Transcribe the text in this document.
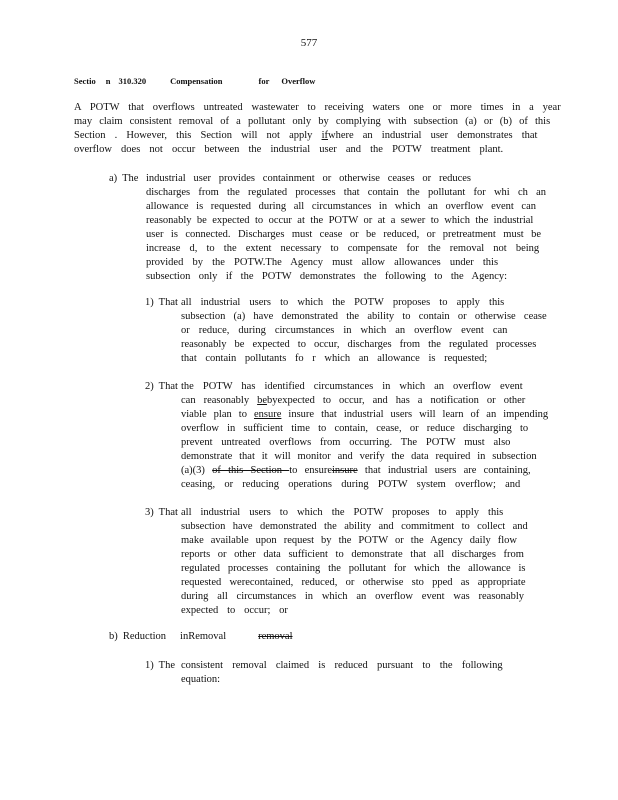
577
Sectio n 310.320	Compensation	for Overflow
A POTW that overflows untreated wastewater to receiving waters one or more times in a year
may claim consistent removal of a pollutant only by complying with subsection (a) or (b) of this
Section . However, this Section will not apply ifwhere an industrial user demonstrates that
overflow does not occur between the industrial user and the POTW treatment plant.
a) The industrial user provides containment or otherwise ceases or reduces
discharges from the regulated processes that contain the pollutant for whi ch an
allowance is requested during all circumstances in which an overflow event can
reasonably be expected to occur at the POTW or at a sewer to which the industrial
user is connected. Discharges must cease or be reduced, or pretreatment must be
increase d, to the extent necessary to compensate for the removal not being
provided by the POTW.The Agency must allow allowances under this
subsection only if the POTW demonstrates the following to the Agency:
1) That all industrial users to which the POTW proposes to apply this
subsection (a) have demonstrated the ability to contain or otherwise cease
or reduce, during circumstances in which an overflow event can
reasonably be expected to occur, discharges from the regulated processes
that contain pollutants fo r which an allowance is requested;
2) That the POTW has identified circumstances in which an overflow event
can reasonably bebyexpected to occur, and has a notification or other
viable plan to ensure insure that industrial users will learn of an impending
overflow in sufficient time to contain, cease, or reduce discharging to
prevent untreated overflows from occurring. The POTW must also
demonstrate that it will monitor and verify the data required in subsection
(a)(3) of this Section to ensureinsure that industrial users are containing,
ceasing, or reducing operations during POTW system overflow; and
3) That all industrial users to which the POTW proposes to apply this
subsection have demonstrated the ability and commitment to collect and
make available upon request by the POTW or the Agency daily flow
reports or other data sufficient to demonstrate that all discharges from
regulated processes containing the pollutant for which the allowance is
requested werecontained, reduced, or otherwise sto pped as appropriate
during all circumstances in which an overflow event was reasonably
expected to occur; or
b) Reduction inRemoval	removal
1) The consistent removal claimed is reduced pursuant to the following
equation:
